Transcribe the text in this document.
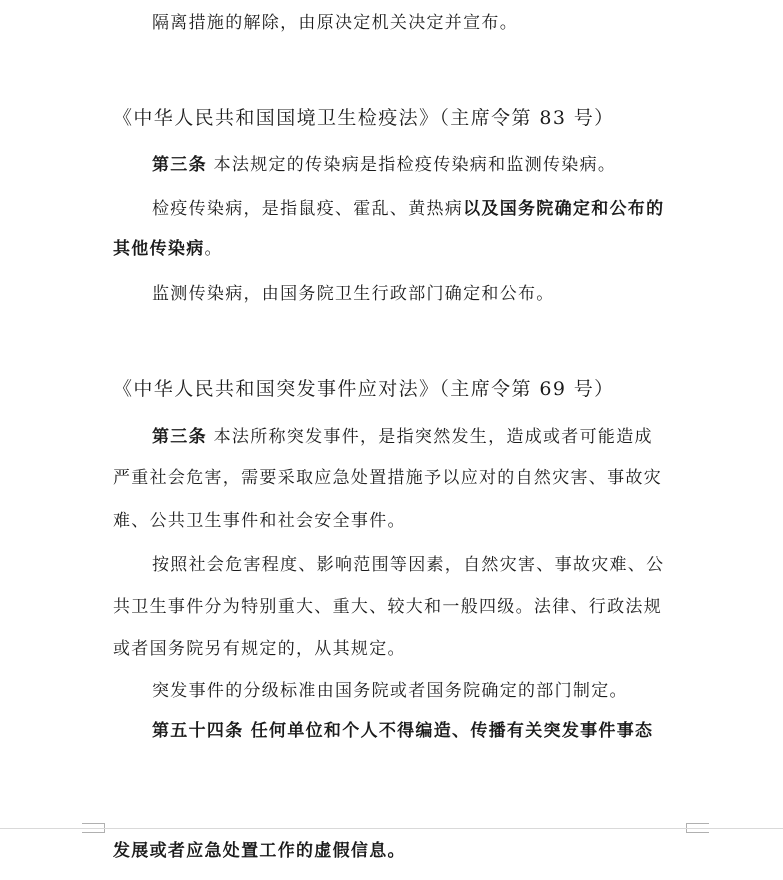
隔离措施的解除，由原决定机关决定并宣布。
《中华人民共和国国境卫生检疫法》（主席令第 83 号）
第三条 本法规定的传染病是指检疫传染病和监测传染病。
检疫传染病，是指鼠疫、霍乱、黄热病以及国务院确定和公布的
其他传染病。
监测传染病，由国务院卫生行政部门确定和公布。
《中华人民共和国突发事件应对法》（主席令第 69 号）
第三条 本法所称突发事件，是指突然发生，造成或者可能造成
严重社会危害，需要采取应急处置措施予以应对的自然灾害、事故灾
难、公共卫生事件和社会安全事件。
按照社会危害程度、影响范围等因素，自然灾害、事故灾难、公
共卫生事件分为特别重大、重大、较大和一般四级。法律、行政法规
或者国务院另有规定的，从其规定。
突发事件的分级标准由国务院或者国务院确定的部门制定。
第五十四条 任何单位和个人不得编造、传播有关突发事件事态
发展或者应急处置工作的虚假信息。
